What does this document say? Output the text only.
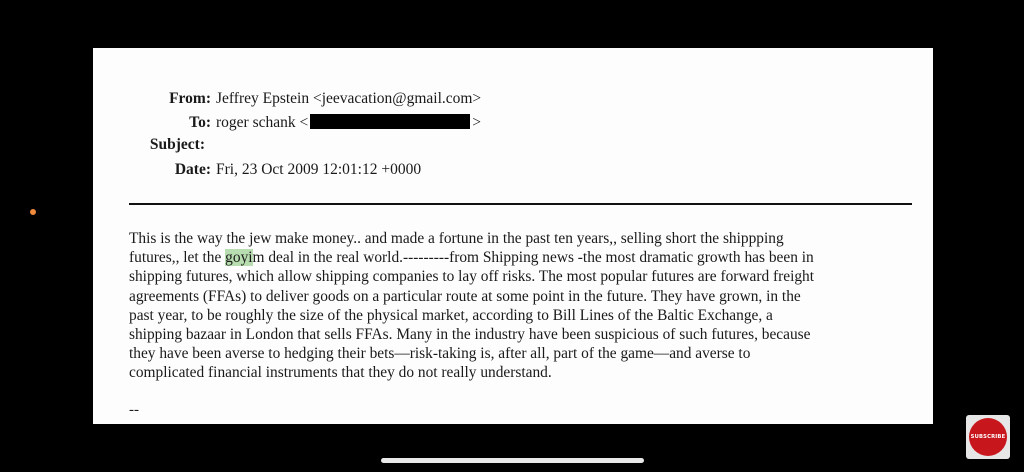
From: Jeffrey Epstein <jeevacation@gmail.com>
To: roger schank <	>
Subject:
Date: Fri, 23 Oct 2009 12:01:12 +0000
This is the way the jew make money.. and made a fortune in the past ten years,, selling short the shippping
futures,, let the goyim deal in the real world.---------from Shipping news -the most dramatic growth has been in
shipping futures, which allow shipping companies to lay off risks. The most popular futures are forward freight
agreements (FFAs) to deliver goods on a particular route at some point in the future. They have grown, in the
past year, to be roughly the size of the physical market, according to Bill Lines of the Baltic Exchange, a
shipping bazaar in London that sells FFAs. Many in the industry have been suspicious of such futures, because
they have been averse to hedging their bets—risk-taking is, after all, part of the game—and averse to
complicated financial instruments that they do not really understand.
--
SUBSCRIBE
